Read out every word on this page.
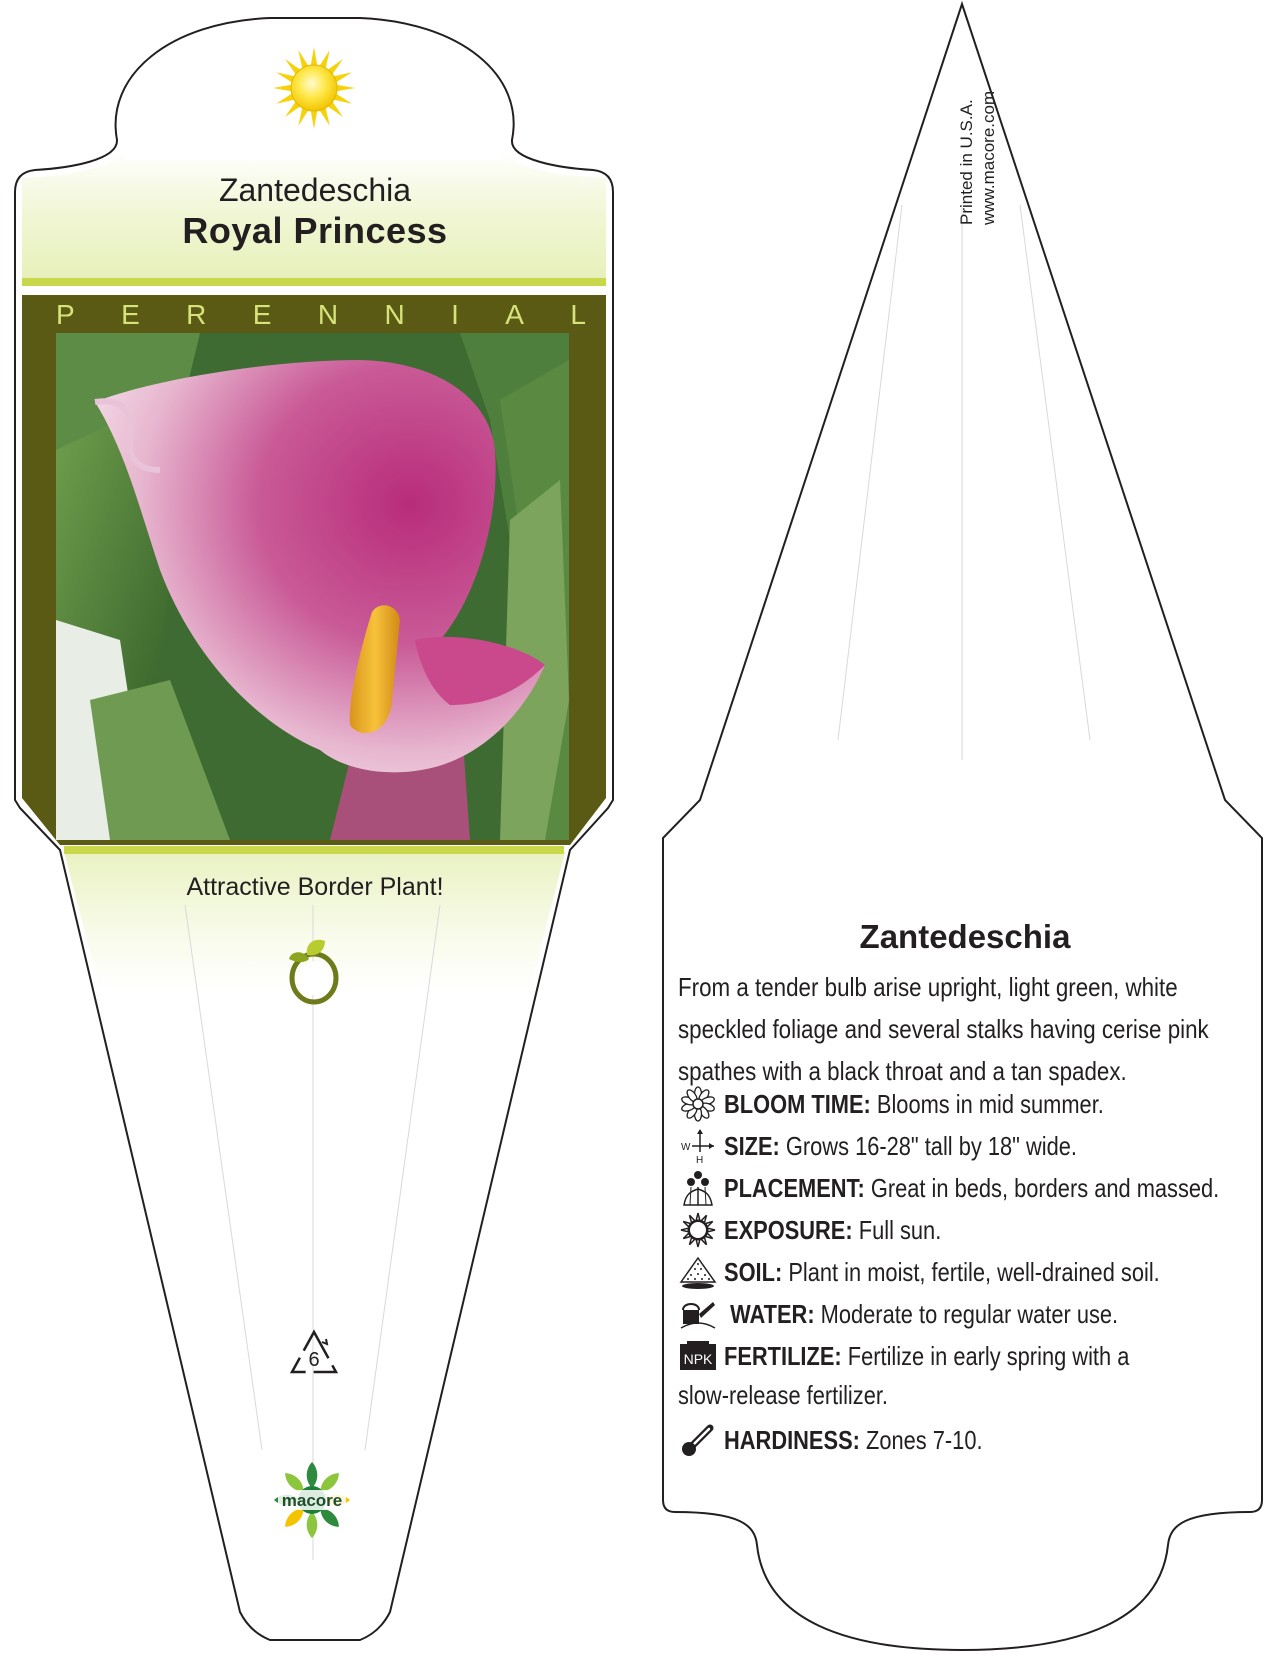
Zantedeschia
Royal Princess
P E R E N N I A L
Attractive Border Plant!
6
macore
Printed in U.S.A. www.macore.com
Zantedeschia
From a tender bulb arise upright, light green, white speckled foliage and several stalks having cerise pink spathes with a black throat and a tan spadex.
BLOOM TIME: Blooms in mid summer.
W
H SIZE: Grows 16-28" tall by 18" wide.
PLACEMENT: Great in beds, borders and massed.
EXPOSURE: Full sun.
SOIL: Plant in moist, fertile, well-drained soil.
WATER: Moderate to regular water use.
NPK FERTILIZE: Fertilize in early spring with a
slow-release fertilizer.
HARDINESS: Zones 7-10.
